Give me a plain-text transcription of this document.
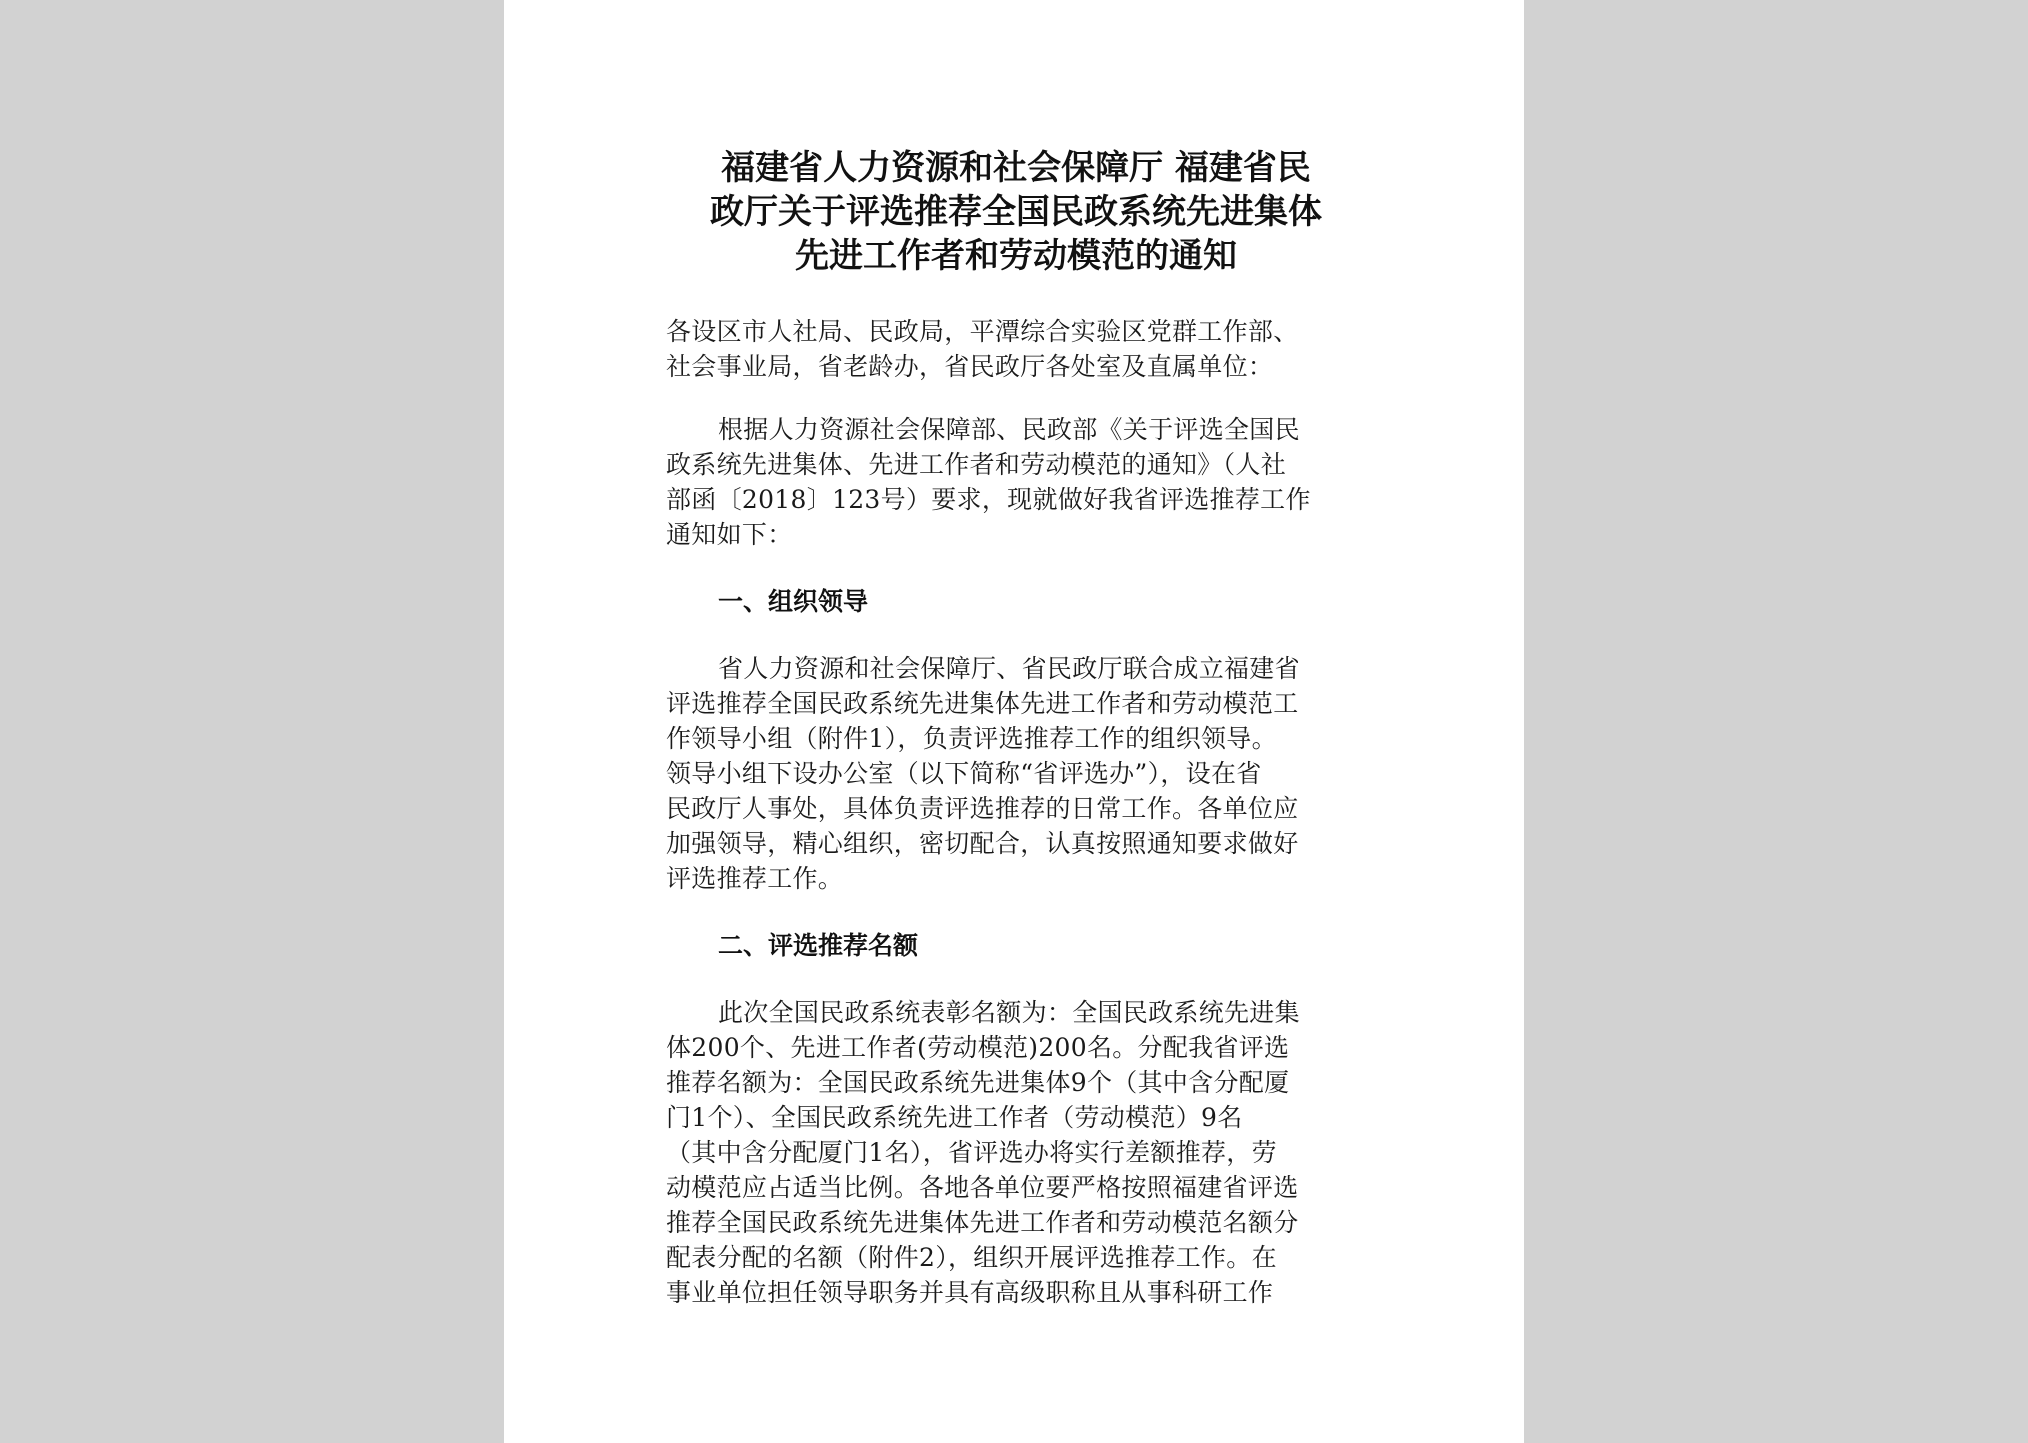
福建省人力资源和社会保障厅 福建省民
政厅关于评选推荐全国民政系统先进集体
先进工作者和劳动模范的通知

各设区市人社局、民政局，平潭综合实验区党群工作部、
社会事业局，省老龄办，省民政厅各处室及直属单位：

根据人力资源社会保障部、民政部《关于评选全国民
政系统先进集体、先进工作者和劳动模范的通知》（人社
部函〔2018〕123号）要求，现就做好我省评选推荐工作
通知如下：

一、组织领导

省人力资源和社会保障厅、省民政厅联合成立福建省
评选推荐全国民政系统先进集体先进工作者和劳动模范工
作领导小组（附件1），负责评选推荐工作的组织领导。
领导小组下设办公室（以下简称“省评选办”），设在省
民政厅人事处，具体负责评选推荐的日常工作。各单位应
加强领导，精心组织，密切配合，认真按照通知要求做好
评选推荐工作。

二、评选推荐名额

此次全国民政系统表彰名额为：全国民政系统先进集
体200个、先进工作者(劳动模范)200名。分配我省评选
推荐名额为：全国民政系统先进集体9个（其中含分配厦
门1个）、全国民政系统先进工作者（劳动模范）9名
（其中含分配厦门1名），省评选办将实行差额推荐，劳
动模范应占适当比例。各地各单位要严格按照福建省评选
推荐全国民政系统先进集体先进工作者和劳动模范名额分
配表分配的名额（附件2），组织开展评选推荐工作。在
事业单位担任领导职务并具有高级职称且从事科研工作
